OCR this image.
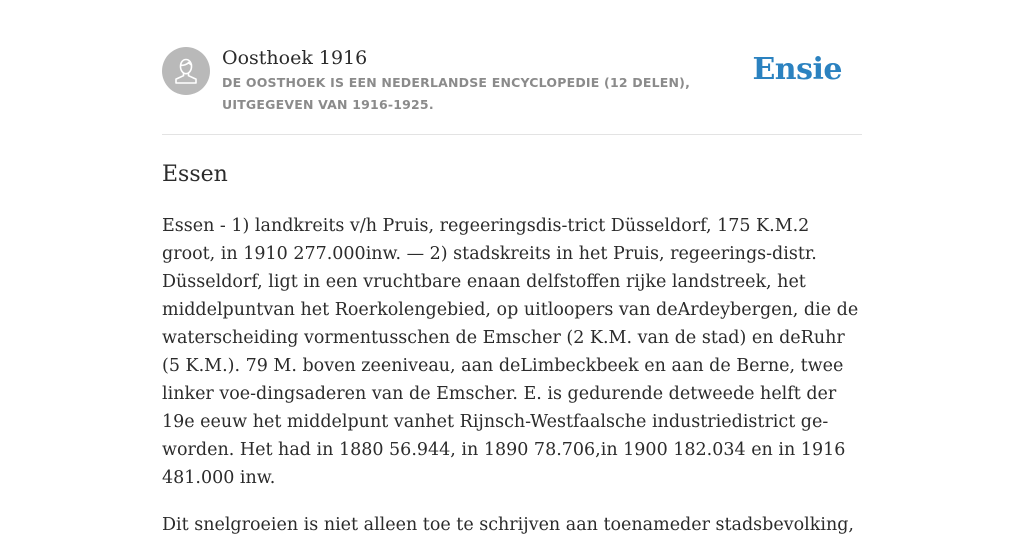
Oosthoek 1916

DE OOSTHOEK IS EEN NEDERLANDSE ENCYCLOPEDIE (12 DELEN), UITGEGEVEN VAN 1916-1925.

Ensie
Essen

Essen - 1) landkreits v/h Pruis, regeeringsdis-trict Düsseldorf, 175 K.M.2 groot, in 1910 277.000inw. — 2) stadskreits in het Pruis, regeerings-distr. Düsseldorf, ligt in een vruchtbare enaan delfstoffen rijke landstreek, het middelpuntvan het Roerkolengebied, op uitloopers van deArdeybergen, die de waterscheiding vormentusschen de Emscher (2 K.M. van de stad) en deRuhr (5 K.M.). 79 M. boven zeeniveau, aan deLimbeckbeek en aan de Berne, twee linker voe-dingsaderen van de Emscher. E. is gedurende detweede helft der 19e eeuw het middelpunt vanhet Rijnsch-Westfaalsche industriedistrict ge-worden. Het had in 1880 56.944, in 1890 78.706,in 1900 182.034 en in 1916 481.000 inw.

Dit snelgroeien is niet alleen toe te schrijven aan toenameder stadsbevolking,
